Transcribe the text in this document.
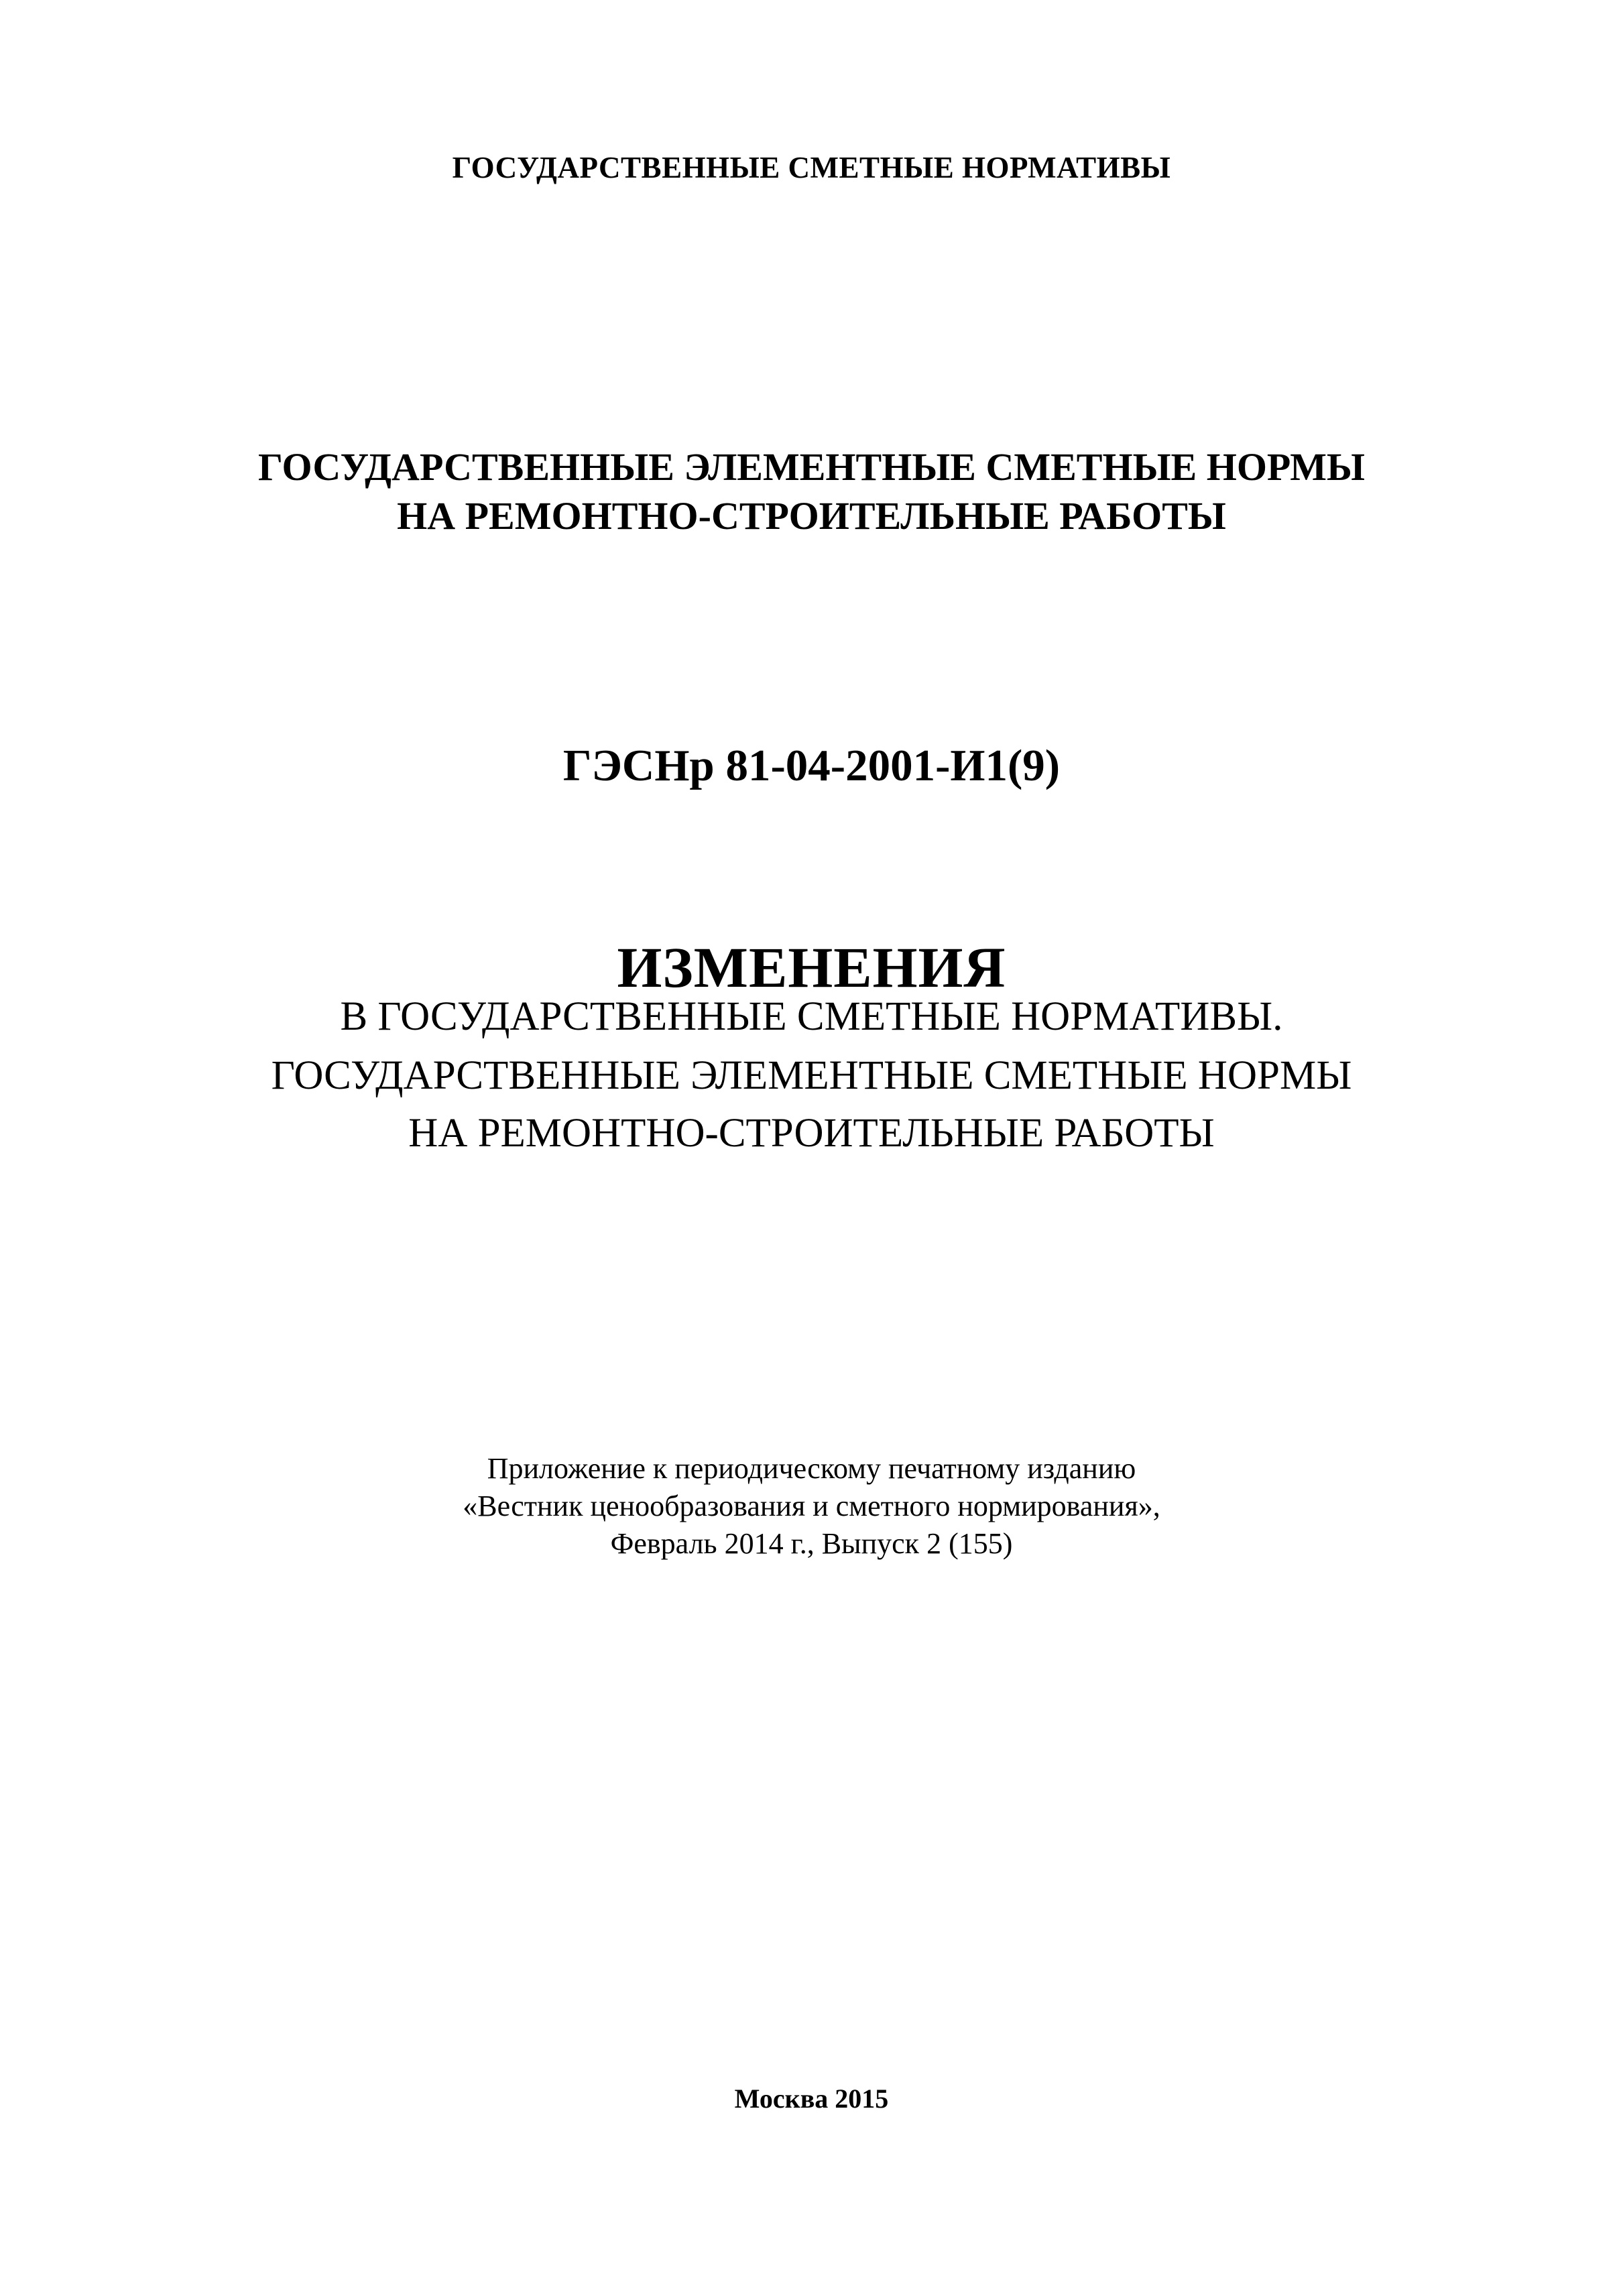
ГОСУДАРСТВЕННЫЕ СМЕТНЫЕ НОРМАТИВЫ
ГОСУДАРСТВЕННЫЕ ЭЛЕМЕНТНЫЕ СМЕТНЫЕ НОРМЫ
НА РЕМОНТНО-СТРОИТЕЛЬНЫЕ РАБОТЫ
ГЭСНр 81-04-2001-И1(9)
ИЗМЕНЕНИЯ
В ГОСУДАРСТВЕННЫЕ СМЕТНЫЕ НОРМАТИВЫ.
ГОСУДАРСТВЕННЫЕ ЭЛЕМЕНТНЫЕ СМЕТНЫЕ НОРМЫ
НА РЕМОНТНО-СТРОИТЕЛЬНЫЕ РАБОТЫ
Приложение к периодическому печатному изданию
«Вестник ценообразования и сметного нормирования»,
Февраль 2014 г., Выпуск 2 (155)
Москва 2015
